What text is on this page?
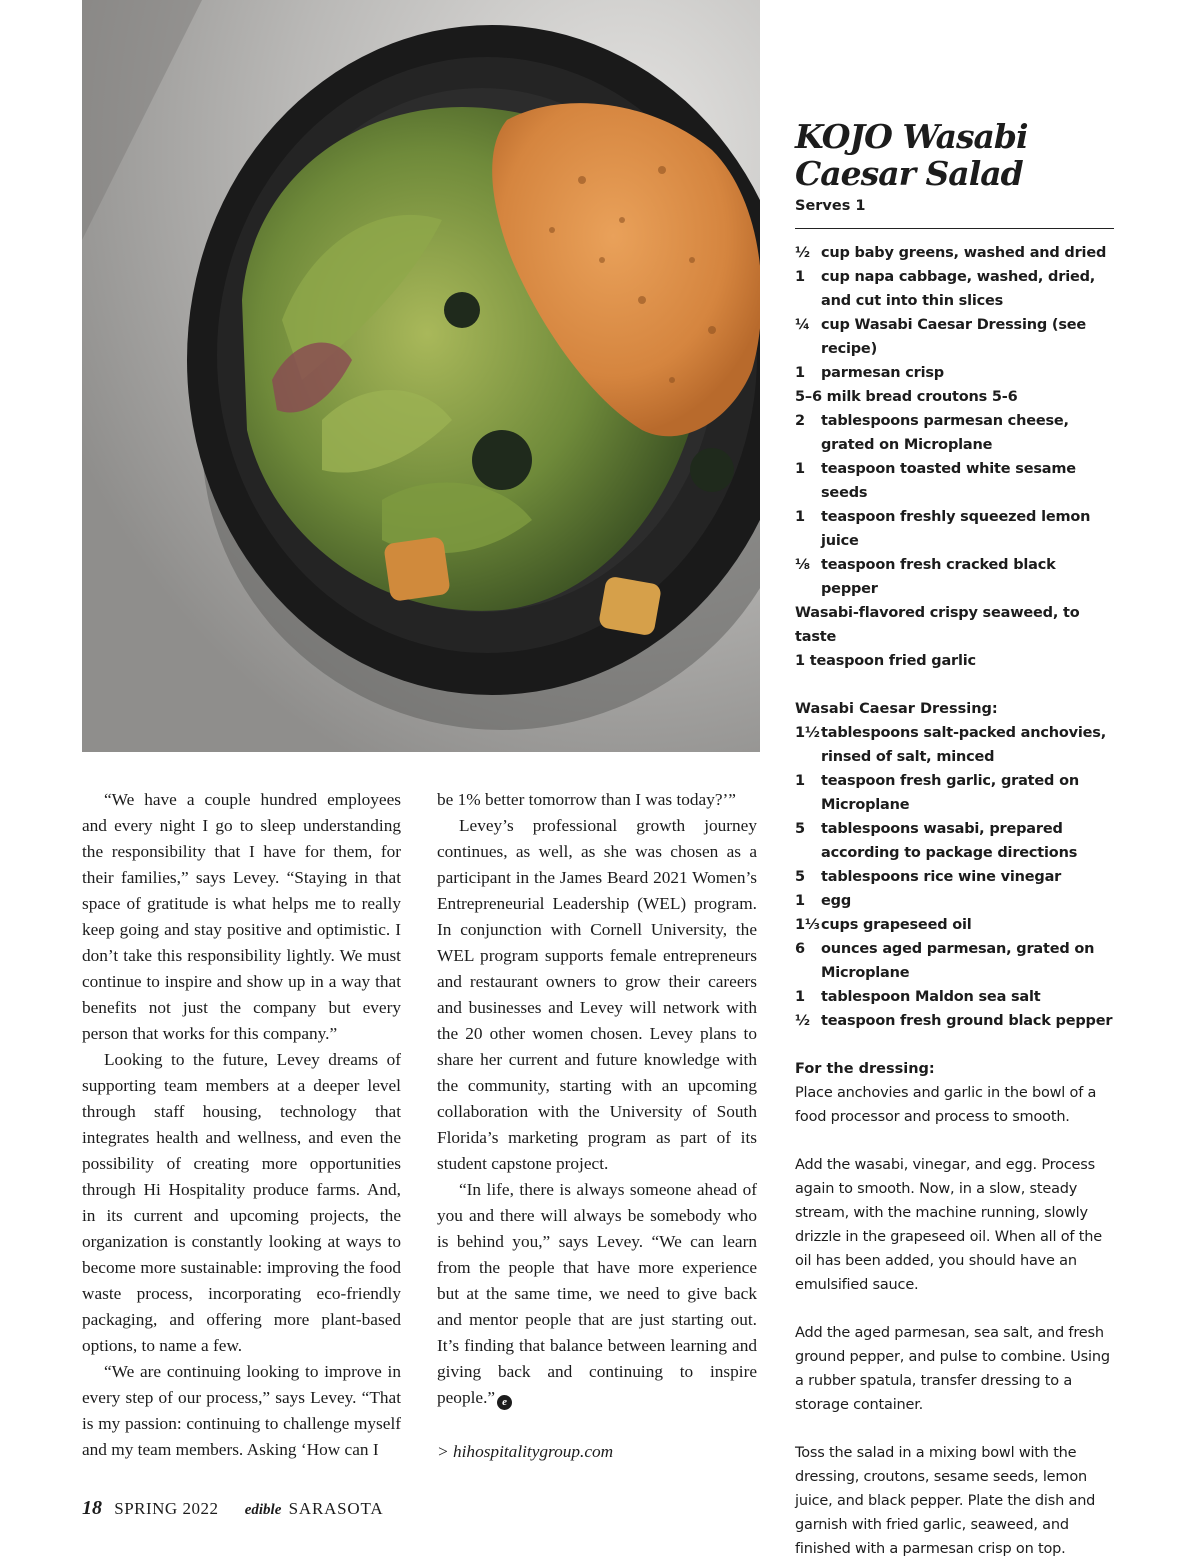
“We have a couple hundred employees and every night I go to sleep understanding the responsibility that I have for them, for their families,” says Levey. “Staying in that space of gratitude is what helps me to really keep going and stay positive and optimistic. I don’t take this responsibility lightly. We must continue to inspire and show up in a way that benefits not just the company but every person that works for this company.”

Looking to the future, Levey dreams of supporting team members at a deeper level through staff housing, technology that integrates health and wellness, and even the possibility of creating more opportunities through Hi Hospitality produce farms. And, in its current and upcoming projects, the organization is constantly looking at ways to become more sustainable: improving the food waste process, incorporating eco-friendly packaging, and offering more plant-based options, to name a few.

“We are continuing looking to improve in every step of our process,” says Levey. “That is my passion: continuing to challenge myself and my team members. Asking ‘How can I

be 1% better tomorrow than I was today?’”

Levey’s professional growth journey continues, as well, as she was chosen as a participant in the James Beard 2021 Women’s Entrepreneurial Leadership (WEL) program. In conjunction with Cornell University, the WEL program supports female entrepreneurs and restaurant owners to grow their careers and businesses and Levey will network with the 20 other women chosen. Levey plans to share her current and future knowledge with the community, starting with an upcoming collaboration with the University of South Florida’s marketing program as part of its student capstone project.

“In life, there is always someone ahead of you and there will always be somebody who is behind you,” says Levey. “We can learn from the people that have more experience but at the same time, we need to give back and mentor people that are just starting out. It’s finding that balance between learning and giving back and continuing to inspire people.” e

> hihospitalitygroup.com

KOJO Wasabi
Caesar Salad
Serves 1
½ cup baby greens, washed and dried
1	cup napa cabbage, washed, dried, and cut into thin slices
¼ cup Wasabi Caesar Dressing (see recipe)
1	parmesan crisp
5–6 milk bread croutons 5-6
2	tablespoons parmesan cheese, grated on Microplane
1	teaspoon toasted white sesame seeds
1	teaspoon freshly squeezed lemon juice
⅛ teaspoon fresh cracked black pepper
Wasabi-flavored crispy seaweed, to taste
1 teaspoon fried garlic
Wasabi Caesar Dressing:
1½ tablespoons salt-packed anchovies, rinsed of salt, minced
1	teaspoon fresh garlic, grated on Microplane
5	tablespoons wasabi, prepared according to package directions
5	tablespoons rice wine vinegar
1	egg
1⅓ cups grapeseed oil
6	ounces aged parmesan, grated on Microplane
1	tablespoon Maldon sea salt
½ teaspoon fresh ground black pepper
For the dressing:

Place anchovies and garlic in the bowl of a food processor and process to smooth.

Add the wasabi, vinegar, and egg. Process again to smooth. Now, in a slow, steady stream, with the machine running, slowly drizzle in the grapeseed oil. When all of the oil has been added, you should have an emulsified sauce.

Add the aged parmesan, sea salt, and fresh ground pepper, and pulse to combine. Using a rubber spatula, transfer dressing to a storage container.

Toss the salad in a mixing bowl with the dressing, croutons, sesame seeds, lemon juice, and black pepper. Plate the dish and garnish with fried garlic, seaweed, and finished with a parmesan crisp on top.

18 SPRING 2022 edible SARASOTA
